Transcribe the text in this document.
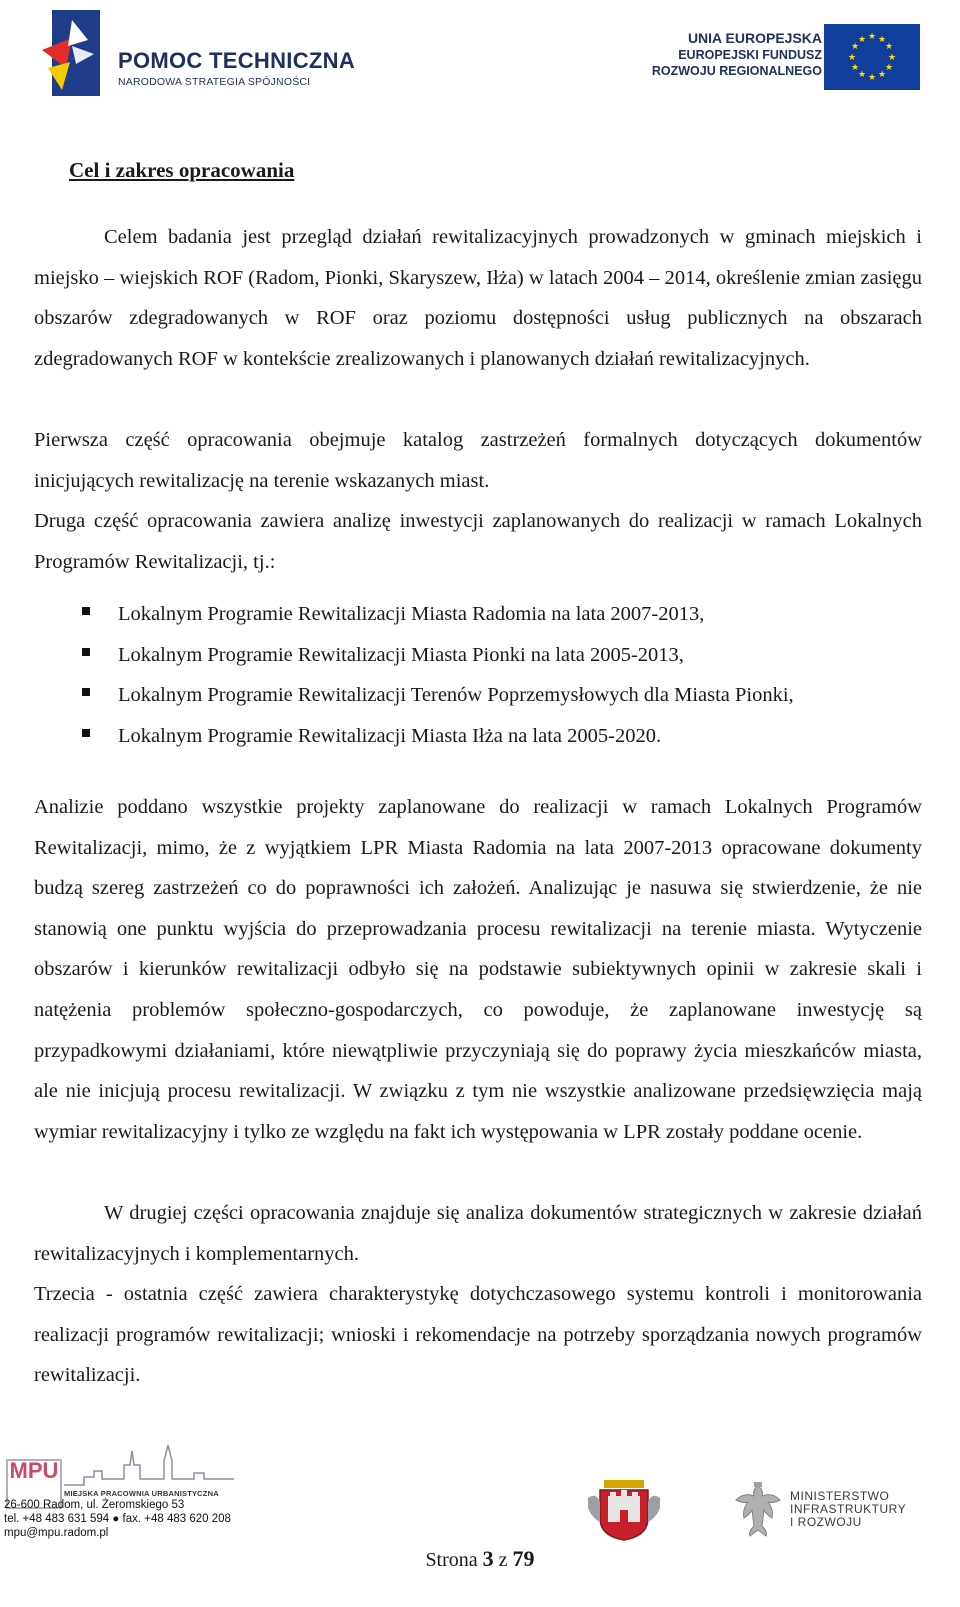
POMOC TECHNICZNA
NARODOWA STRATEGIA SPÓJNOŚCI
UNIA EUROPEJSKA
EUROPEJSKI FUNDUSZ
ROZWOJU REGIONALNEGO
★ ★
★
★
★
★
★
★
★
★
★
★
Cel i zakres opracowania

Celem badania jest przegląd działań rewitalizacyjnych prowadzonych w gminach miejskich i miejsko – wiejskich ROF (Radom, Pionki, Skaryszew, Iłża) w latach 2004 – 2014, określenie zmian zasięgu obszarów zdegradowanych w ROF oraz poziomu dostępności usług publicznych na obszarach zdegradowanych ROF w kontekście zrealizowanych i planowanych działań rewitalizacyjnych.

Pierwsza część opracowania obejmuje katalog zastrzeżeń formalnych dotyczących dokumentów inicjujących rewitalizację na terenie wskazanych miast.

Druga część opracowania zawiera analizę inwestycji zaplanowanych do realizacji w ramach Lokalnych Programów Rewitalizacji, tj.:

Lokalnym Programie Rewitalizacji Miasta Radomia na lata 2007-2013,
Lokalnym Programie Rewitalizacji Miasta Pionki na lata 2005-2013,
Lokalnym Programie Rewitalizacji Terenów Poprzemysłowych dla Miasta Pionki,
Lokalnym Programie Rewitalizacji Miasta Iłża na lata 2005-2020.

Analizie poddano wszystkie projekty zaplanowane do realizacji w ramach Lokalnych Programów Rewitalizacji, mimo, że z wyjątkiem LPR Miasta Radomia na lata 2007-2013 opracowane dokumenty budzą szereg zastrzeżeń co do poprawności ich założeń. Analizując je nasuwa się stwierdzenie, że nie stanowią one punktu wyjścia do przeprowadzania procesu rewitalizacji na terenie miasta. Wytyczenie obszarów i kierunków rewitalizacji odbyło się na podstawie subiektywnych opinii w zakresie skali i natężenia problemów społeczno-gospodarczych, co powoduje, że zaplanowane inwestycję są przypadkowymi działaniami, które niewątpliwie przyczyniają się do poprawy życia mieszkańców miasta, ale nie inicjują procesu rewitalizacji. W związku z tym nie wszystkie analizowane przedsięwzięcia mają wymiar rewitalizacyjny i tylko ze względu na fakt ich występowania w LPR zostały poddane ocenie.

W drugiej części opracowania znajduje się analiza dokumentów strategicznych w zakresie działań rewitalizacyjnych i komplementarnych.

Trzecia - ostatnia część zawiera charakterystykę dotychczasowego systemu kontroli i monitorowania realizacji programów rewitalizacji; wnioski i rekomendacje na potrzeby sporządzania nowych programów rewitalizacji.

MPU
MIEJSKA PRACOWNIA URBANISTYCZNA
26-600 Radom, ul. Żeromskiego 53
tel. +48 483 631 594 ● fax. +48 483 620 208
mpu@mpu.radom.pl
MINISTERSTWO
INFRASTRUKTURY
I ROZWOJU
Strona 3 z 79
